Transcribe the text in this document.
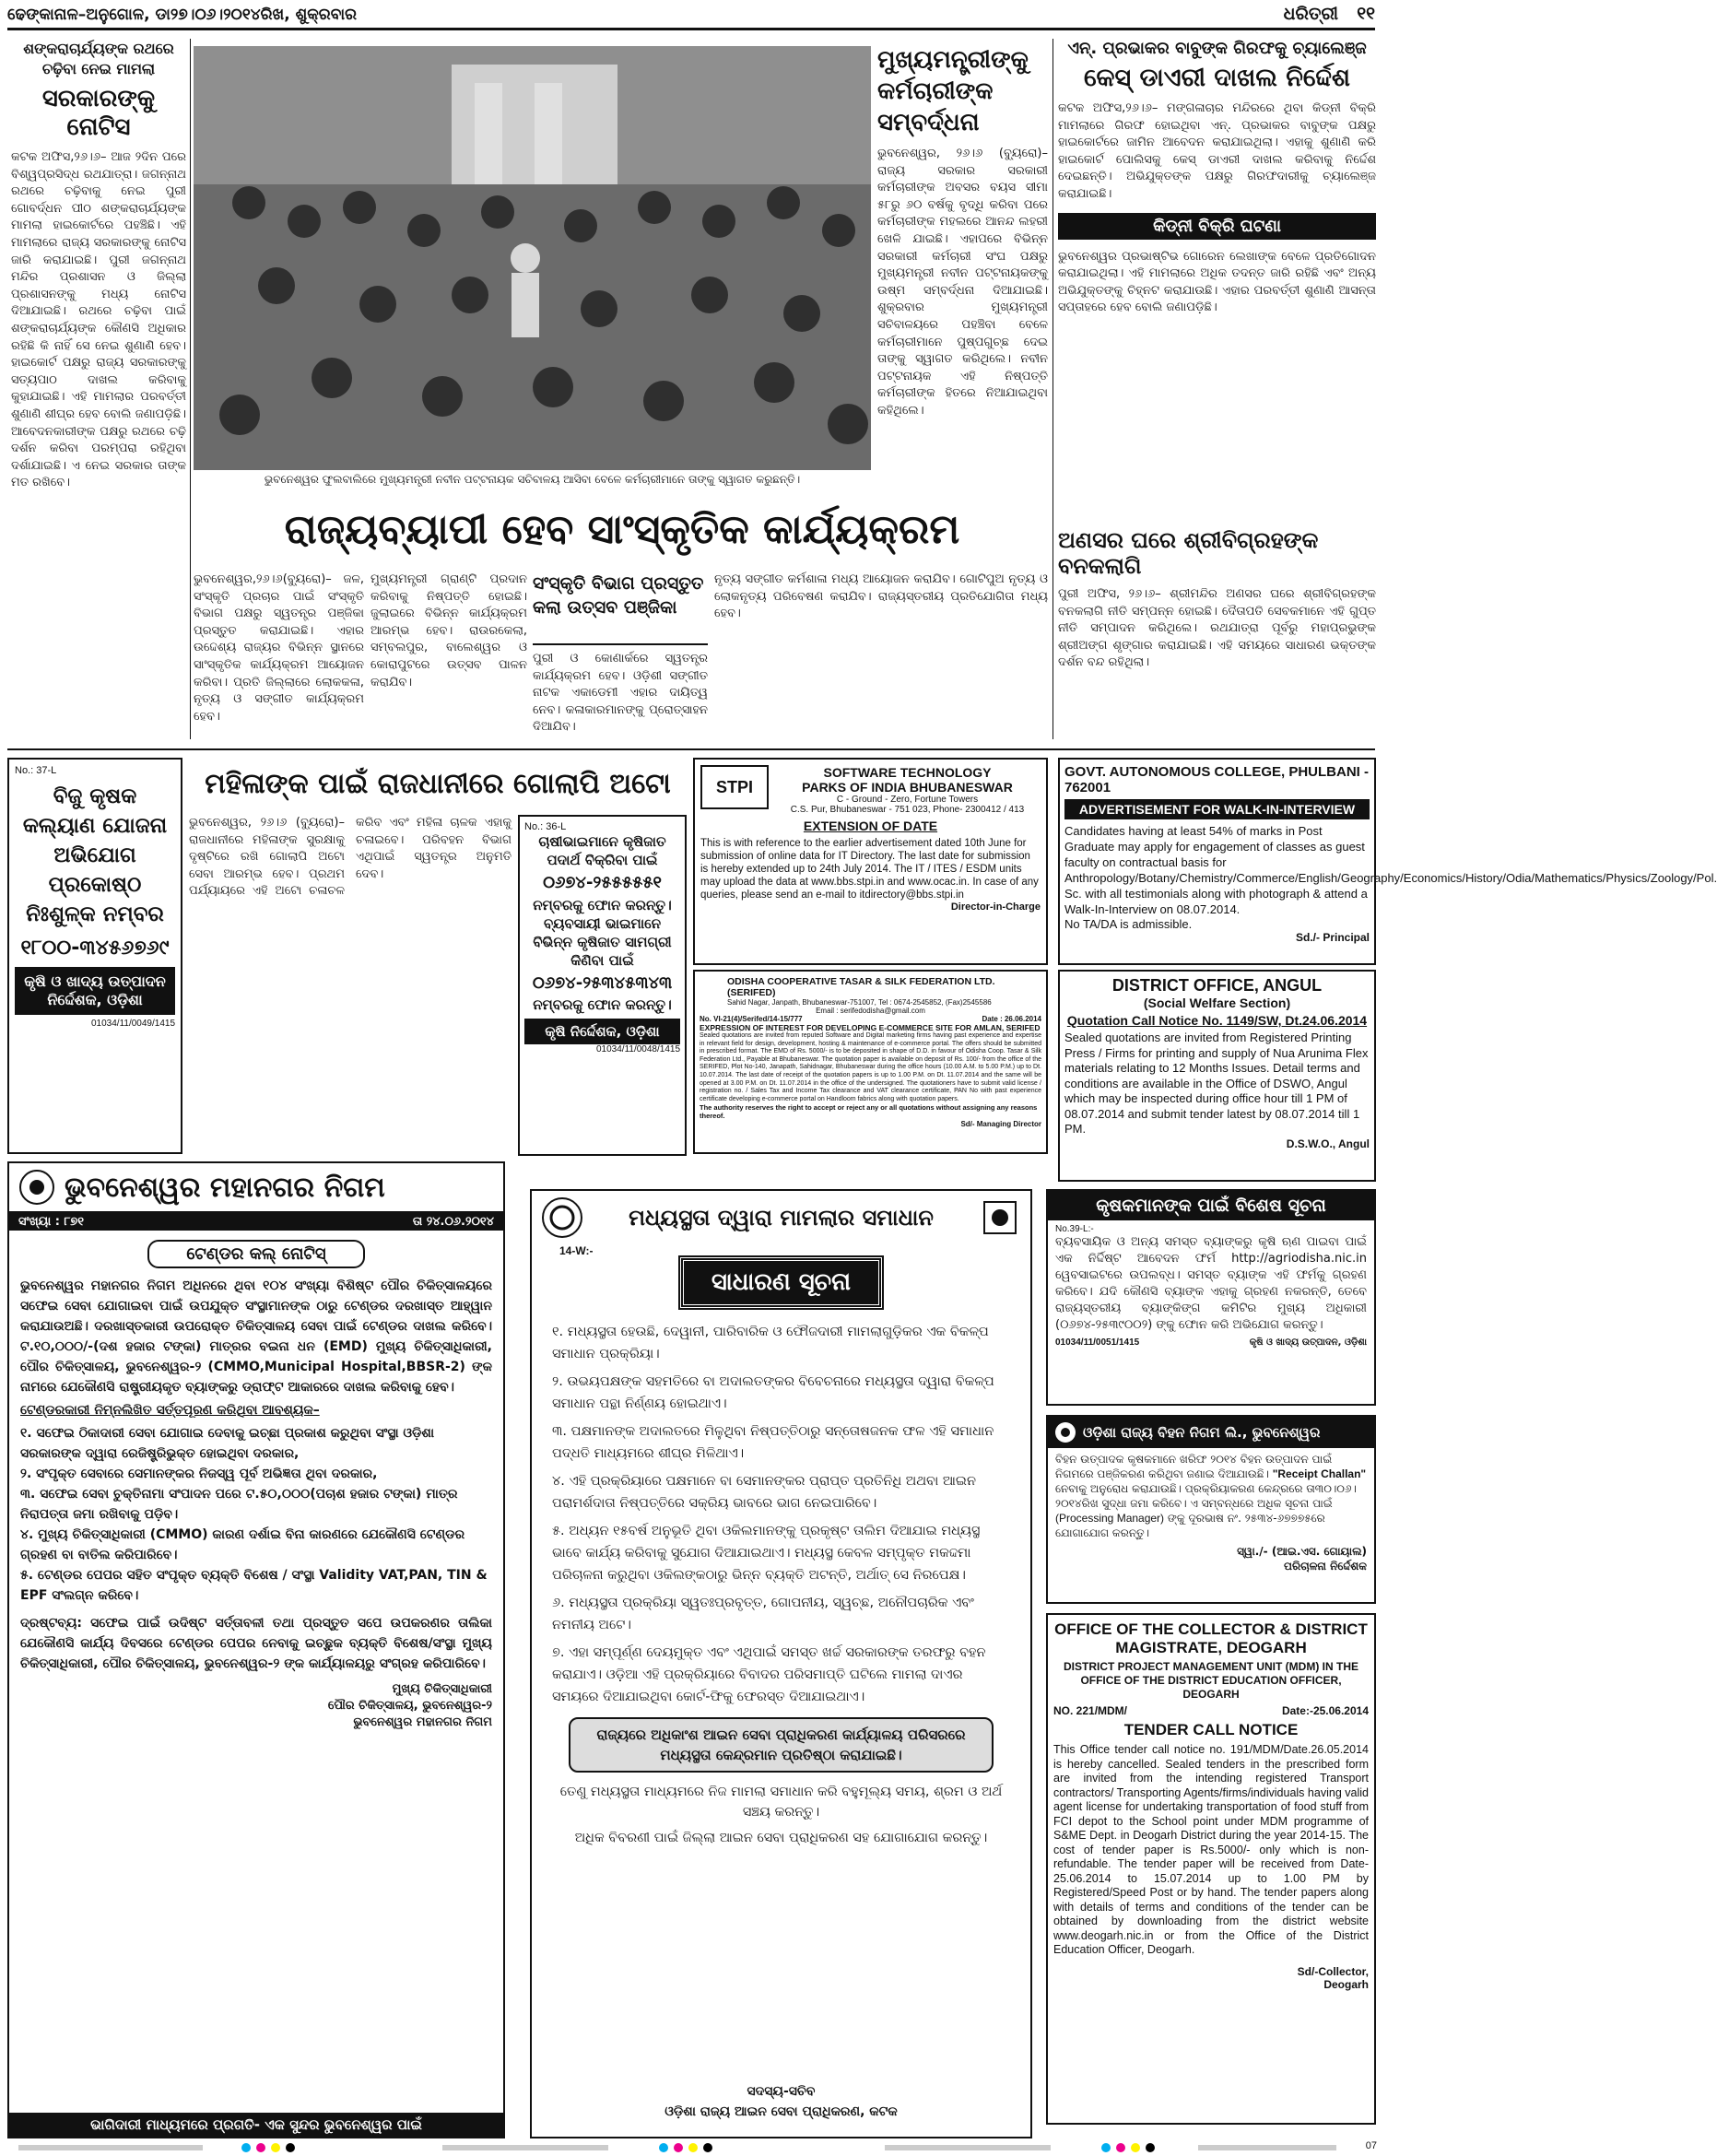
ଢେଙ୍କାନାଳ–ଅନୁଗୋଳ, ଡା୨୭।୦୬।୨୦୧୪ରିଖ, ଶୁକ୍ରବାର	ଧରିତ୍ରୀ ୧୧
ଶଙ୍କରାଚାର୍ଯ୍ୟଙ୍କ ରଥରେ ଚଢ଼ିବା ନେଇ ମାମଲା
ସରକାରଙ୍କୁ ନୋଟିସ

କଟକ ଅଫିସ,୨୬।୬– ଆଜ ୨ଦିନ ପରେ ବିଶ୍ୱପ୍ରସିଦ୍ଧ ରଥଯାତ୍ରା। ଜଗନ୍ନାଥ ରଥରେ ଚଢ଼ିବାକୁ ନେଇ ପୁରୀ ଗୋବର୍ଦ୍ଧନ ପୀଠ ଶଙ୍କରାଚାର୍ଯ୍ୟଙ୍କ ମାମଲା ହାଇକୋର୍ଟରେ ପହଞ୍ଚିଛି। ଏହି ମାମଲାରେ ରାଜ୍ୟ ସରକାରଙ୍କୁ ନୋଟିସ ଜାରି କରାଯାଇଛି। ପୁରୀ ଜଗନ୍ନାଥ ମନ୍ଦିର ପ୍ରଶାସନ ଓ ଜିଲ୍ଲା ପ୍ରଶାସନଙ୍କୁ ମଧ୍ୟ ନୋଟିସ ଦିଆଯାଇଛି। ରଥରେ ଚଢ଼ିବା ପାଇଁ ଶଙ୍କରାଚାର୍ଯ୍ୟଙ୍କ କୌଣସି ଅଧିକାର ରହିଛି କି ନାହିଁ ସେ ନେଇ ଶୁଣାଣି ହେବ। ହାଇକୋର୍ଟ ପକ୍ଷରୁ ରାଜ୍ୟ ସରକାରଙ୍କୁ ସତ୍ୟପାଠ ଦାଖଲ କରିବାକୁ କୁହାଯାଇଛି। ଏହି ମାମଲାର ପରବର୍ତ୍ତୀ ଶୁଣାଣି ଶୀଘ୍ର ହେବ ବୋଲି ଜଣାପଡ଼ିଛି। ଆବେଦନକାରୀଙ୍କ ପକ୍ଷରୁ ରଥରେ ଚଢ଼ି ଦର୍ଶନ କରିବା ପରମ୍ପରା ରହିଥିବା ଦର୍ଶାଯାଇଛି। ଏ ନେଇ ସରକାର ତାଙ୍କ ମତ ରଖିବେ।	ଭୁବନେଶ୍ୱର ଫୁଲବାଲିରେ ମୁଖ୍ୟମନ୍ତ୍ରୀ ନବୀନ ପଟ୍ଟନାୟକ ସଚିବାଳୟ ଆସିବା ବେଳେ କର୍ମଚାରୀମାନେ ତାଙ୍କୁ ସ୍ୱାଗତ କରୁଛନ୍ତି।
ମୁଖ୍ୟମନ୍ତ୍ରୀଙ୍କୁ କର୍ମଚାରୀଙ୍କ ସମ୍ବର୍ଦ୍ଧନା

ଭୁବନେଶ୍ୱର, ୨୬।୬ (ବ୍ୟୁରୋ)– ରାଜ୍ୟ ସରକାର ସରକାରୀ କର୍ମଚାରୀଙ୍କ ଅବସର ବୟସ ସୀମା ୫୮ରୁ ୬୦ ବର୍ଷକୁ ବୃଦ୍ଧି କରିବା ପରେ କର୍ମଚାରୀଙ୍କ ମହଲରେ ଆନନ୍ଦ ଲହରୀ ଖେଳି ଯାଇଛି। ଏହାପରେ ବିଭିନ୍ନ ସରକାରୀ କର୍ମଚାରୀ ସଂଘ ପକ୍ଷରୁ ମୁଖ୍ୟମନ୍ତ୍ରୀ ନବୀନ ପଟ୍ଟନାୟକଙ୍କୁ ଉଷ୍ମ ସମ୍ବର୍ଦ୍ଧନା ଦିଆଯାଇଛି। ଶୁକ୍ରବାର ମୁଖ୍ୟମନ୍ତ୍ରୀ ସଚିବାଳୟରେ ପହଞ୍ଚିବା ବେଳେ କର୍ମଚାରୀମାନେ ପୁଷ୍ପଗୁଚ୍ଛ ଦେଇ ତାଙ୍କୁ ସ୍ୱାଗତ କରିଥିଲେ। ନବୀନ ପଟ୍ଟନାୟକ ଏହି ନିଷ୍ପତ୍ତି କର୍ମଚାରୀଙ୍କ ହିତରେ ନିଆଯାଇଥିବା କହିଥିଲେ।

ଏନ୍. ପ୍ରଭାକର ବାବୁଙ୍କ ଗିରଫକୁ ଚ୍ୟାଲେଞ୍ଜ
କେସ୍ ଡାଏରୀ ଦାଖଲ ନିର୍ଦ୍ଦେଶ

କଟକ ଅଫିସ,୨୬।୬– ମଙ୍ଗଳାଚାର ମନ୍ଦିରରେ ଥିବା କିଡ୍‌ନୀ ବିକ୍ରି ମାମଲାରେ ଗିରଫ ହୋଇଥିବା ଏନ୍. ପ୍ରଭାକର ବାବୁଙ୍କ ପକ୍ଷରୁ ହାଇକୋର୍ଟରେ ଜାମିନ ଆବେଦନ କରାଯାଇଥିଲା। ଏହାକୁ ଶୁଣାଣି କରି ହାଇକୋର୍ଟ ପୋଲିସକୁ କେସ୍ ଡାଏରୀ ଦାଖଲ କରିବାକୁ ନିର୍ଦ୍ଦେଶ ଦେଇଛନ୍ତି। ଅଭିଯୁକ୍ତଙ୍କ ପକ୍ଷରୁ ଗିରଫଦାରୀକୁ ଚ୍ୟାଲେଞ୍ଜ କରାଯାଇଛି।

କିଡ୍‌ନୀ ବିକ୍ରି ଘଟଣା

ଭୁବନେଶ୍ୱର ପ୍ରଭାଷ୍ଟିଭ ଗୋରେନ ଲେଖାଙ୍କ ବେଳେ ପ୍ରତିଗୋଦନ କରାଯାଇଥିଲା। ଏହି ମାମଲାରେ ଅଧିକ ତଦନ୍ତ ଜାରି ରହିଛି ଏବଂ ଅନ୍ୟ ଅଭିଯୁକ୍ତଙ୍କୁ ଚିହ୍ନଟ କରାଯାଉଛି। ଏହାର ପରବର୍ତ୍ତୀ ଶୁଣାଣି ଆସନ୍ତା ସପ୍ତାହରେ ହେବ ବୋଲି ଜଣାପଡ଼ିଛି।

ରାଜ୍ୟବ୍ୟାପୀ ହେବ ସାଂସ୍କୃତିକ କାର୍ଯ୍ୟକ୍ରମ

ଭୁବନେଶ୍ୱର,୨୬।୬(ବ୍ୟୁରୋ)– ଜଳ, ସଂସ୍କୃତି ପ୍ରଚାର ପାଇଁ ସଂସ୍କୃତି ବିଭାଗ ପକ୍ଷରୁ ସ୍ୱତନ୍ତ୍ର ପଞ୍ଜିକା ପ୍ରସ୍ତୁତ କରାଯାଇଛି। ଏହାର ଉଦ୍ଦେଶ୍ୟ ରାଜ୍ୟର ବିଭିନ୍ନ ସ୍ଥାନରେ ସାଂସ୍କୃତିକ କାର୍ଯ୍ୟକ୍ରମ ଆୟୋଜନ କରିବା। ପ୍ରତି ଜିଲ୍ଲାରେ ଲୋକକଳା, ନୃତ୍ୟ ଓ ସଙ୍ଗୀତ କାର୍ଯ୍ୟକ୍ରମ ହେବ।

ମୁଖ୍ୟମନ୍ତ୍ରୀ ଗ୍ରାଣ୍ଟି ପ୍ରଦାନ କରିବାକୁ ନିଷ୍ପତ୍ତି ହୋଇଛି। ଜୁଲାଇରେ ବିଭିନ୍ନ କାର୍ଯ୍ୟକ୍ରମ ଆରମ୍ଭ ହେବ। ରାଉରକେଲା, ସମ୍ବଲପୁର, ବାଲେଶ୍ୱର ଓ କୋରାପୁଟରେ ଉତ୍ସବ ପାଳନ କରାଯିବ।

ସଂସ୍କୃତି ବିଭାଗ ପ୍ରସ୍ତୁତ କଲା ଉତ୍ସବ ପଞ୍ଜିକା

ପୁରୀ ଓ କୋଣାର୍କରେ ସ୍ୱତନ୍ତ୍ର କାର୍ଯ୍ୟକ୍ରମ ହେବ। ଓଡ଼ିଶୀ ସଙ୍ଗୀତ ନାଟକ ଏକାଡେମୀ ଏହାର ଦାୟିତ୍ୱ ନେବ। କଳାକାରମାନଙ୍କୁ ପ୍ରୋତ୍ସାହନ ଦିଆଯିବ।

ନୃତ୍ୟ ସଙ୍ଗୀତ କର୍ମଶାଳା ମଧ୍ୟ ଆୟୋଜନ କରାଯିବ। ଗୋଟିପୁଅ ନୃତ୍ୟ ଓ ଲୋକନୃତ୍ୟ ପରିବେଷଣ କରାଯିବ। ରାଜ୍ୟସ୍ତରୀୟ ପ୍ରତିଯୋଗିତା ମଧ୍ୟ ହେବ।

ଅଣସର ଘରେ ଶ୍ରୀବିଗ୍ରହଙ୍କ ବନକଲାଗି

ପୁରୀ ଅଫିସ, ୨୬।୬– ଶ୍ରୀମନ୍ଦିର ଅଣସର ଘରେ ଶ୍ରୀବିଗ୍ରହଙ୍କ ବନକଲାଗି ନୀତି ସମ୍ପନ୍ନ ହୋଇଛି। ଦୈତାପତି ସେବକମାନେ ଏହି ଗୁପ୍ତ ନୀତି ସମ୍ପାଦନ କରିଥିଲେ। ରଥଯାତ୍ରା ପୂର୍ବରୁ ମହାପ୍ରଭୁଙ୍କ ଶ୍ରୀଅଙ୍ଗ ଶୃଙ୍ଗାର କରାଯାଇଛି। ଏହି ସମୟରେ ସାଧାରଣ ଭକ୍ତଙ୍କ ଦର୍ଶନ ବନ୍ଦ ରହିଥିଲା।

No.: 37-L
ବିଜୁ କୃଷକ କଲ୍ୟାଣ ଯୋଜନା ଅଭିଯୋଗ ପ୍ରକୋଷ୍ଠ ନିଃଶୁଳ୍କ ନମ୍ବର
୧୮୦୦-୩୪୫୬୭୬୯
କୃଷି ଓ ଖାଦ୍ୟ ଉତ୍ପାଦନ ନିର୍ଦ୍ଦେଶକ, ଓଡ଼ିଶା
01034/11/0049/1415
ମହିଳାଙ୍କ ପାଇଁ ରାଜଧାନୀରେ ଗୋଲାପି ଅଟୋ

ଭୁବନେଶ୍ୱର, ୨୬।୬ (ବ୍ୟୁରୋ)– ରାଜଧାନୀରେ ମହିଳାଙ୍କ ସୁରକ୍ଷାକୁ ଦୃଷ୍ଟିରେ ରଖି ଗୋଲାପି ଅଟୋ ସେବା ଆରମ୍ଭ ହେବ। ପ୍ରଥମ ପର୍ଯ୍ୟାୟରେ ଏହି ଅଟୋ ଚଳାଚଳ କରିବ ଏବଂ ମହିଳା ଚାଳକ ଏହାକୁ ଚଳାଇବେ। ପରିବହନ ବିଭାଗ ଏଥିପାଇଁ ସ୍ୱତନ୍ତ୍ର ଅନୁମତି ଦେବ।

No.: 36-L
ଚାଷୀଭାଇମାନେ କୃଷିଜାତ ପଦାର୍ଥ ବିକ୍ରିବା ପାଇଁ
୦୬୭୪-୨୫୫୫୫୫୧
ନମ୍ବରକୁ ଫୋନ କରନ୍ତୁ। ବ୍ୟବସାୟୀ ଭାଇମାନେ ବିଭିନ୍ନ କୃଷିଜାତ ସାମଗ୍ରୀ କିଣିବା ପାଇଁ
୦୬୭୪-୨୫୩୪୫୩୪୩
ନମ୍ବରକୁ ଫୋନ କରନ୍ତୁ।
କୃଷି ନିର୍ଦ୍ଦେଶକ, ଓଡ଼ିଶା
01034/11/0048/1415
STPI
SOFTWARE TECHNOLOGY
PARKS OF INDIA BHUBANESWAR
C - Ground - Zero, Fortune Towers
C.S. Pur, Bhubaneswar - 751 023, Phone- 2300412 / 413
EXTENSION OF DATE

This is with reference to the earlier advertisement dated 10th June for submission of online data for IT Directory. The last date for submission is hereby extended up to 24th July 2014. The IT / ITES / ESDM units may upload the data at www.bbs.stpi.in and www.ocac.in. In case of any queries, please send an e-mail to itdirectory@bbs.stpi.in

Director-in-Charge
ODISHA COOPERATIVE TASAR & SILK FEDERATION LTD. (SERIFED)
Sahid Nagar, Janpath, Bhubaneswar-751007, Tel : 0674-2545852, (Fax)2545586
Email : serifedodisha@gmail.com
No. VI-21(4)/Serifed/14-15/777	Date : 26.06.2014
EXPRESSION OF INTEREST FOR DEVELOPING E-COMMERCE SITE FOR AMLAN, SERIFED

Sealed quotations are invited from reputed Software and Digital marketing firms having past experience and expertise in relevant field for design, development, hosting & maintenance of e-commerce portal. The offers should be submitted in prescribed format. The EMD of Rs. 5000/- is to be deposited in shape of D.D. in favour of Odisha Coop. Tasar & Silk Federation Ltd., Payable at Bhubaneswar. The quotation paper is available on deposit of Rs. 100/- from the office of the SERIFED, Plot No-140, Janapath, Sahidnagar, Bhubaneswar during the office hours (10.00 A.M. to 5.00 P.M.) up to Dt. 10.07.2014. The last date of receipt of the quotation papers is up to 1.00 P.M. on Dt. 11.07.2014 and the same will be opened at 3.00 P.M. on Dt. 11.07.2014 in the office of the undersigned. The quotationers have to submit valid license / registration no. / Sales Tax and Income Tax clearance and VAT clearance certificate, PAN No with past experience certificate developing e-commerce portal on Handloom fabrics along with quotation papers.

The authority reserves the right to accept or reject any or all quotations without assigning any reasons thereof.
Sd/- Managing Director
GOVT. AUTONOMOUS COLLEGE, PHULBANI - 762001
ADVERTISEMENT FOR WALK-IN-INTERVIEW

Candidates having at least 54% of marks in Post Graduate may apply for engagement of classes as guest faculty on contractual basis for Anthropology/Botany/Chemistry/Commerce/English/Geography/Economics/History/Odia/Mathematics/Physics/Zoology/Pol. Sc. with all testimonials along with photograph & attend a Walk-In-Interview on 08.07.2014.

No TA/DA is admissible.
Sd./- Principal
DISTRICT OFFICE, ANGUL
(Social Welfare Section)
Quotation Call Notice No. 1149/SW, Dt.24.06.2014

Sealed quotations are invited from Registered Printing Press / Firms for printing and supply of Nua Arunima Flex materials relating to 12 Months Issues. Detail terms and conditions are available in the Office of DSWO, Angul which may be inspected during office hour till 1 PM of 08.07.2014 and submit tender latest by 08.07.2014 till 1 PM.

D.S.W.O., Angul
ଭୁବନେଶ୍ୱର ମହାନଗର ନିଗମ
ସଂଖ୍ୟା : ୮୭୧	ତା ୨୪.୦୬.୨୦୧୪
ଟେଣ୍ଡର କଲ୍ ନୋଟିସ୍

ଭୁବନେଶ୍ୱର ମହାନଗର ନିଗମ ଅଧିନରେ ଥିବା ୧୦୪ ସଂଖ୍ୟା ବିଶିଷ୍ଟ ପୌର ଚିକିତ୍ସାଳୟରେ ସଫେଇ ସେବା ଯୋଗାଇବା ପାଇଁ ଉପଯୁକ୍ତ ସଂସ୍ଥାମାନଙ୍କ ଠାରୁ ଟେଣ୍ଡର ଦରଖାସ୍ତ ଆହ୍ୱାନ କରାଯାଉଅଛି। ଦରଖାସ୍ତକାରୀ ଉପରୋକ୍ତ ଚିକିତ୍ସାଳୟ ସେବା ପାଇଁ ଟେଣ୍ଡର ଦାଖଲ କରିବେ। ଟ.୧୦,୦୦୦/-(ଦଶ ହଜାର ଟଙ୍କା) ମାତ୍ରର ବଇନା ଧନ (EMD) ମୁଖ୍ୟ ଚିକିତ୍ସାଧିକାରୀ, ପୌର ଚିକିତ୍ସାଳୟ, ଭୁବନେଶ୍ୱର-୨ (CMMO,Municipal Hospital,BBSR-2) ଙ୍କ ନାମରେ ଯେକୌଣସି ରାଷ୍ଟ୍ରୀୟକୃତ ବ୍ୟାଙ୍କରୁ ଡ୍ରାଫ୍ଟ ଆକାରରେ ଦାଖଲ କରିବାକୁ ହେବ।

ଟେଣ୍ଡରକାରୀ ନିମ୍ନଲିଖିତ ସର୍ତ୍ତପୂରଣ କରିଥିବା ଆବଶ୍ୟକ–
୧. ସଫେଇ ଠିକାଦାରୀ ସେବା ଯୋଗାଇ ଦେବାକୁ ଇଚ୍ଛା ପ୍ରକାଶ କରୁଥିବା ସଂସ୍ଥା ଓଡ଼ିଶା ସରକାରଙ୍କ ଦ୍ୱାରା ରେଜିଷ୍ଟ୍ରିଭୁକ୍ତ ହୋଇଥିବା ଦରକାର,
୨. ସଂପୃକ୍ତ ସେବାରେ ସେମାନଙ୍କର ନିଜସ୍ୱ ପୂର୍ବ ଅଭିଜ୍ଞତା ଥିବା ଦରକାର,
୩. ସଫେଇ ସେବା ଚୁକ୍ତିନାମା ସଂପାଦନ ପରେ ଟ.୫୦,୦୦୦(ପଚାଶ ହଜାର ଟଙ୍କା) ମାତ୍ର ନିରାପତ୍ତା ଜମା ରଖିବାକୁ ପଡ଼ିବ।
୪. ମୁଖ୍ୟ ଚିକିତ୍ସାଧିକାରୀ (CMMO) କାରଣ ଦର୍ଶାଇ ବିନା କାରଣରେ ଯେକୌଣସି ଟେଣ୍ଡର ଗ୍ରହଣ ବା ବାତିଲ କରିପାରିବେ।
୫. ଟେଣ୍ଡର ପେପର ସହିତ ସଂପୃକ୍ତ ବ୍ୟକ୍ତି ବିଶେଷ / ସଂସ୍ଥା Validity VAT,PAN, TIN & EPF ସଂଲଗ୍ନ କରିବେ।

ଦ୍ରଷ୍ଟବ୍ୟ: ସଫେଇ ପାଇଁ ଉଦିଷ୍ଟ ସର୍ତ୍ତାବଳୀ ତଥା ପ୍ରସ୍ତୁତ ସପେ ଉପକରଣର ତାଲିକା ଯେକୌଣସି କାର୍ଯ୍ୟ ଦିବସରେ ଟେଣ୍ଡର ପେପର ନେବାକୁ ଇଚ୍ଛୁକ ବ୍ୟକ୍ତି ବିଶେଷ/ସଂସ୍ଥା ମୁଖ୍ୟ ଚିକିତ୍ସାଧିକାରୀ, ପୌର ଚିକିତ୍ସାଳୟ, ଭୁବନେଶ୍ୱର-୨ ଙ୍କ କାର୍ଯ୍ୟାଳୟରୁ ସଂଗ୍ରହ କରିପାରିବେ।

ମୁଖ୍ୟ ଚିକିତ୍ସାଧିକାରୀ
ପୌର ଚିକିତ୍ସାଳୟ, ଭୁବନେଶ୍ୱର-୨
ଭୁବନେଶ୍ୱର ମହାନଗର ନିଗମ
ଭାଗିଦାରୀ ମାଧ୍ୟମରେ ପ୍ରଗତି- ଏକ ସୁନ୍ଦର ଭୁବନେଶ୍ୱର ପାଇଁ
ମଧ୍ୟସ୍ଥତା ଦ୍ୱାରା ମାମଲାର ସମାଧାନ
14-W:-
ସାଧାରଣ ସୂଚନା
୧. ମଧ୍ୟସ୍ଥତା ହେଉଛି, ଦେୱାନୀ, ପାରିବାରିକ ଓ ଫୌଜଦାରୀ ମାମଲାଗୁଡ଼ିକର ଏକ ବିକଳ୍ପ ସମାଧାନ ପ୍ରକ୍ରିୟା।
୨. ଉଭୟପକ୍ଷଙ୍କ ସହମତିରେ ବା ଅଦାଲତଙ୍କର ବିବେଚନାରେ ମଧ୍ୟସ୍ଥତା ଦ୍ୱାରା ବିକଳ୍ପ ସମାଧାନ ପନ୍ଥା ନିର୍ଣ୍ଣୟ ହୋଇଥାଏ।
୩. ପକ୍ଷମାନଙ୍କ ଅଦାଲତରେ ମିଳୁଥିବା ନିଷ୍ପତ୍ତିଠାରୁ ସନ୍ତୋଷଜନକ ଫଳ ଏହି ସମାଧାନ ପଦ୍ଧତି ମାଧ୍ୟମରେ ଶୀଘ୍ର ମିଳିଥାଏ।
୪. ଏହି ପ୍ରକ୍ରିୟାରେ ପକ୍ଷମାନେ ବା ସେମାନଙ୍କର ପ୍ରାପ୍ତ ପ୍ରତିନିଧି ଅଥବା ଆଇନ ପରାମର୍ଶଦାତା ନିଷ୍ପତ୍ତିରେ ସକ୍ରିୟ ଭାବରେ ଭାଗ ନେଇପାରିବେ।
୫. ଅଧ୍ୟନ ୧୫ବର୍ଷ ଅନୁଭୂତି ଥିବା ଓକିଲମାନଙ୍କୁ ପ୍ରକୃଷ୍ଟ ତାଲିମ ଦିଆଯାଇ ମଧ୍ୟସ୍ଥ ଭାବେ କାର୍ଯ୍ୟ କରିବାକୁ ସୁଯୋଗ ଦିଆଯାଇଥାଏ। ମଧ୍ୟସ୍ଥ କେବଳ ସମ୍ପୃକ୍ତ ମକଦ୍ଦମା ପରିଚାଳନା କରୁଥିବା ଓକିଲଙ୍କଠାରୁ ଭିନ୍ନ ବ୍ୟକ୍ତି ଅଟନ୍ତି, ଅର୍ଥାତ୍ ସେ ନିରପେକ୍ଷ।
୬. ମଧ୍ୟସ୍ଥତା ପ୍ରକ୍ରିୟା ସ୍ୱତଃପ୍ରବୃତ୍ତ, ଗୋପନୀୟ, ସ୍ୱଚ୍ଛ, ଅନୌପଚାରିକ ଏବଂ ନମନୀୟ ଅଟେ।
୭. ଏହା ସମ୍ପୂର୍ଣ୍ଣ ଦେୟମୁକ୍ତ ଏବଂ ଏଥିପାଇଁ ସମସ୍ତ ଖର୍ଚ୍ଚ ସରକାରଙ୍କ ତରଫରୁ ବହନ କରାଯାଏ। ଓଡ଼ିଆ ଏହି ପ୍ରକ୍ରିୟାରେ ବିବାଦର ପରିସମାପ୍ତି ଘଟିଲେ ମାମଲା ଦାଏର ସମୟରେ ଦିଆଯାଇଥିବା କୋର୍ଟ-ଫିକୁ ଫେରସ୍ତ ଦିଆଯାଇଥାଏ।
ରାଜ୍ୟରେ ଅଧିକାଂଶ ଆଇନ ସେବା ପ୍ରାଧିକରଣ କାର୍ଯ୍ୟାଳୟ ପରିସରରେ ମଧ୍ୟସ୍ଥତା କେନ୍ଦ୍ରମାନ ପ୍ରତିଷ୍ଠା କରାଯାଇଛି।

ତେଣୁ ମଧ୍ୟସ୍ଥତା ମାଧ୍ୟମରେ ନିଜ ମାମଲା ସମାଧାନ କରି ବହୁମୂଲ୍ୟ ସମୟ, ଶ୍ରମ ଓ ଅର୍ଥ ସଞ୍ଚୟ କରନ୍ତୁ।

ଅଧିକ ବିବରଣୀ ପାଇଁ ଜିଲ୍ଲା ଆଇନ ସେବା ପ୍ରାଧିକରଣ ସହ ଯୋଗାଯୋଗ କରନ୍ତୁ।

ସଦସ୍ୟ-ସଚିବ
ଓଡ଼ିଶା ରାଜ୍ୟ ଆଇନ ସେବା ପ୍ରାଧିକରଣ, କଟକ
କୃଷକମାନଙ୍କ ପାଇଁ ବିଶେଷ ସୂଚନା
No.39-L:-

ବ୍ୟବସାୟିକ ଓ ଅନ୍ୟ ସମସ୍ତ ବ୍ୟାଙ୍କରୁ କୃଷି ଋଣ ପାଇବା ପାଇଁ ଏକ ନିର୍ଦ୍ଦିଷ୍ଟ ଆବେଦନ ଫର୍ମ http://agriodisha.nic.in ୱେବସାଇଟରେ ଉପଲବ୍ଧ। ସମସ୍ତ ବ୍ୟାଙ୍କ ଏହି ଫର୍ମକୁ ଗ୍ରହଣ କରିବେ। ଯଦି କୌଣସି ବ୍ୟାଙ୍କ ଏହାକୁ ଗ୍ରହଣ ନକରନ୍ତି, ତେବେ ରାଜ୍ୟସ୍ତରୀୟ ବ୍ୟାଙ୍କିଙ୍ଗ କମିଟିର ମୁଖ୍ୟ ଅଧିକାରୀ (୦୬୭୪-୨୫୩୯୦୦୨) ଙ୍କୁ ଫୋନ କରି ଅଭିଯୋଗ କରନ୍ତୁ।

01034/11/0051/1415	କୃଷି ଓ ଖାଦ୍ୟ ଉତ୍ପାଦନ, ଓଡ଼ିଶା
ଓଡ଼ିଶା ରାଜ୍ୟ ବିହନ ନିଗମ ଲି., ଭୁବନେଶ୍ୱର
ବିହନ ଉତ୍ପାଦକ କୃଷକମାନେ ଖରିଫ ୨୦୧୪ ବିହନ ଉତ୍ପାଦନ ପାଇଁ ନିଗମରେ ପଞ୍ଜିକରଣ କରିଥିବା ଜଣାଇ ଦିଆଯାଉଛି। "Receipt Challan" ନେବାକୁ ଅନୁରୋଧ କରାଯାଉଛି। ପ୍ରକ୍ରିୟାକରଣ କେନ୍ଦ୍ରରେ ତା୩୦।୦୬।୨୦୧୪ରିଖ ସୁଦ୍ଧା ଜମା କରିବେ। ଏ ସମ୍ବନ୍ଧରେ ଅଧିକ ସୂଚନା ପାଇଁ (Processing Manager) ଙ୍କୁ ଦୂରଭାଷ ନଂ. ୨୫୩୪-୬୭୭୭୫ରେ ଯୋଗାଯୋଗ କରନ୍ତୁ।
ସ୍ୱା./- (ଆଇ.ଏସ. ଗୋୟାଲ)
ପରିଚାଳନା ନିର୍ଦ୍ଦେଶକ
OFFICE OF THE COLLECTOR & DISTRICT MAGISTRATE, DEOGARH
DISTRICT PROJECT MANAGEMENT UNIT (MDM) IN THE OFFICE OF THE DISTRICT EDUCATION OFFICER, DEOGARH
NO. 221/MDM/	Date:-25.06.2014
TENDER CALL NOTICE

This Office tender call notice no. 191/MDM/Date.26.05.2014 is hereby cancelled. Sealed tenders in the prescribed form are invited from the intending registered Transport contractors/ Transporting Agents/firms/individuals having valid agent license for undertaking transportation of food stuff from FCI depot to the School point under MDM programme of S&ME Dept. in Deogarh District during the year 2014-15. The cost of tender paper is Rs.5000/- only which is non-refundable. The tender paper will be received from Date-25.06.2014 to 15.07.2014 up to 1.00 PM by Registered/Speed Post or by hand. The tender papers along with details of terms and conditions of the tender can be obtained by downloading from the district website www.deogarh.nic.in or from the Office of the District Education Officer, Deogarh.

Sd/-Collector,
Deogarh
07
